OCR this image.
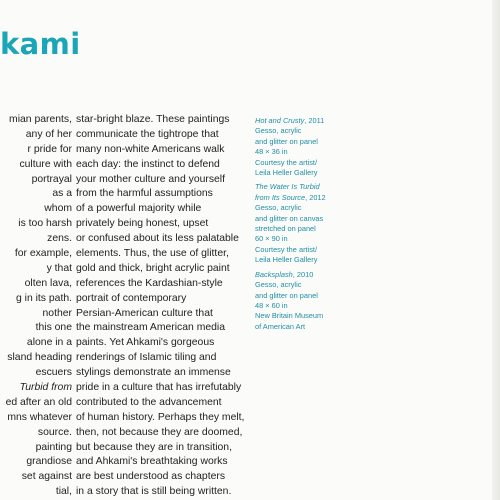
kami
mian parents,
any of her
r pride for
culture with
portrayal
as a
whom
is too harsh
zens.
for example,
y that
olten lava,
g in its path.
nother
this one
alone in a
sland heading
escuers
Turbid from
ed after an old
mns whatever
source.
painting
grandiose
set against
tial,
star-bright blaze. These paintings
communicate the tightrope that
many non-white Americans walk
each day: the instinct to defend
your mother culture and yourself
from the harmful assumptions
of a powerful majority while
privately being honest, upset
or confused about its less palatable
elements. Thus, the use of glitter,
gold and thick, bright acrylic paint
references the Kardashian-style
portrait of contemporary
Persian-American culture that
the mainstream American media
paints. Yet Ahkami's gorgeous
renderings of Islamic tiling and
stylings demonstrate an immense
pride in a culture that has irrefutably
contributed to the advancement
of human history. Perhaps they melt,
then, not because they are doomed,
but because they are in transition,
and Ahkami's breathtaking works
are best understood as chapters
in a story that is still being written.
Hot and Crusty, 2011
Gesso, acrylic
and glitter on panel
48 × 36 in
Courtesy the artist/
Leila Heller Gallery
The Water Is Turbid
from Its Source, 2012
Gesso, acrylic
and glitter on canvas
stretched on panel
60 × 90 in
Courtesy the artist/
Leila Heller Gallery
Backsplash, 2010
Gesso, acrylic
and glitter on panel
48 × 60 in
New Britain Museum
of American Art
